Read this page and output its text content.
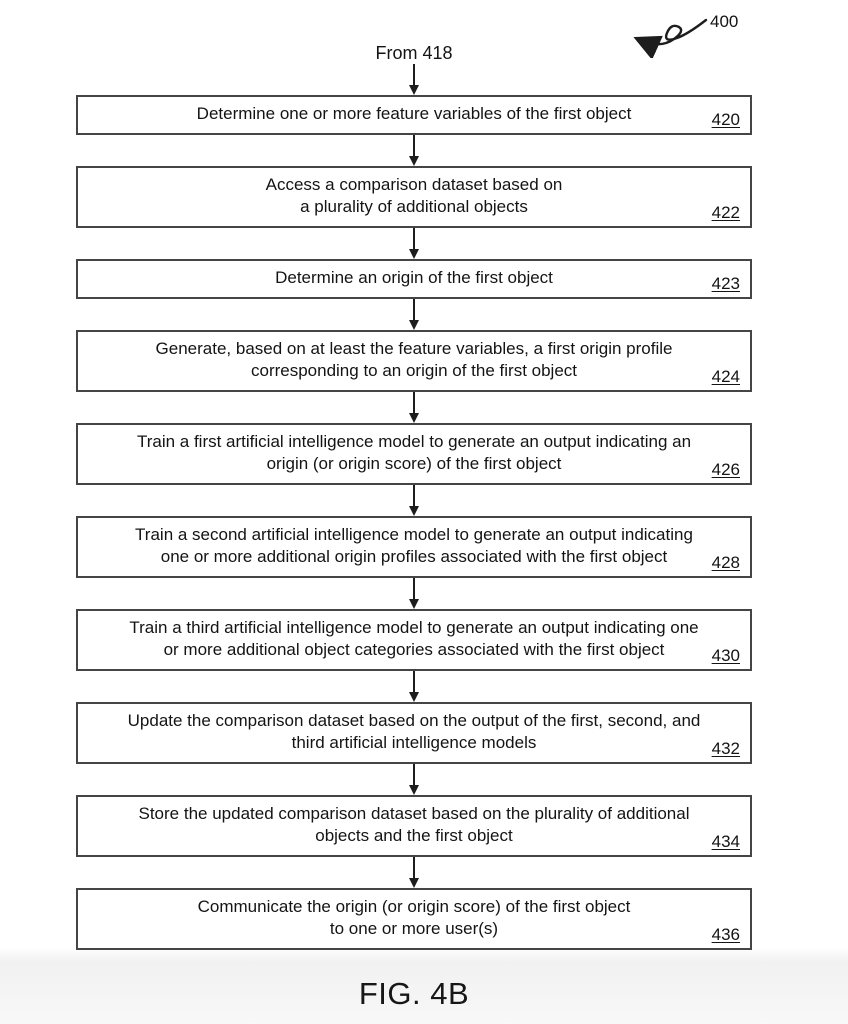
400
From 418
Determine one or more feature variables of the first object	420
Access a comparison dataset based on
a plurality of additional objects	422
Determine an origin of the first object	423
Generate, based on at least the feature variables, a first origin profile
corresponding to an origin of the first object	424
Train a first artificial intelligence model to generate an output indicating an
origin (or origin score) of the first object	426
Train a second artificial intelligence model to generate an output indicating
one or more additional origin profiles associated with the first object	428
Train a third artificial intelligence model to generate an output indicating one
or more additional object categories associated with the first object	430
Update the comparison dataset based on the output of the first, second, and
third artificial intelligence models	432
Store the updated comparison dataset based on the plurality of additional
objects and the first object	434
Communicate the origin (or origin score) of the first object
to one or more user(s)	436
FIG. 4B
